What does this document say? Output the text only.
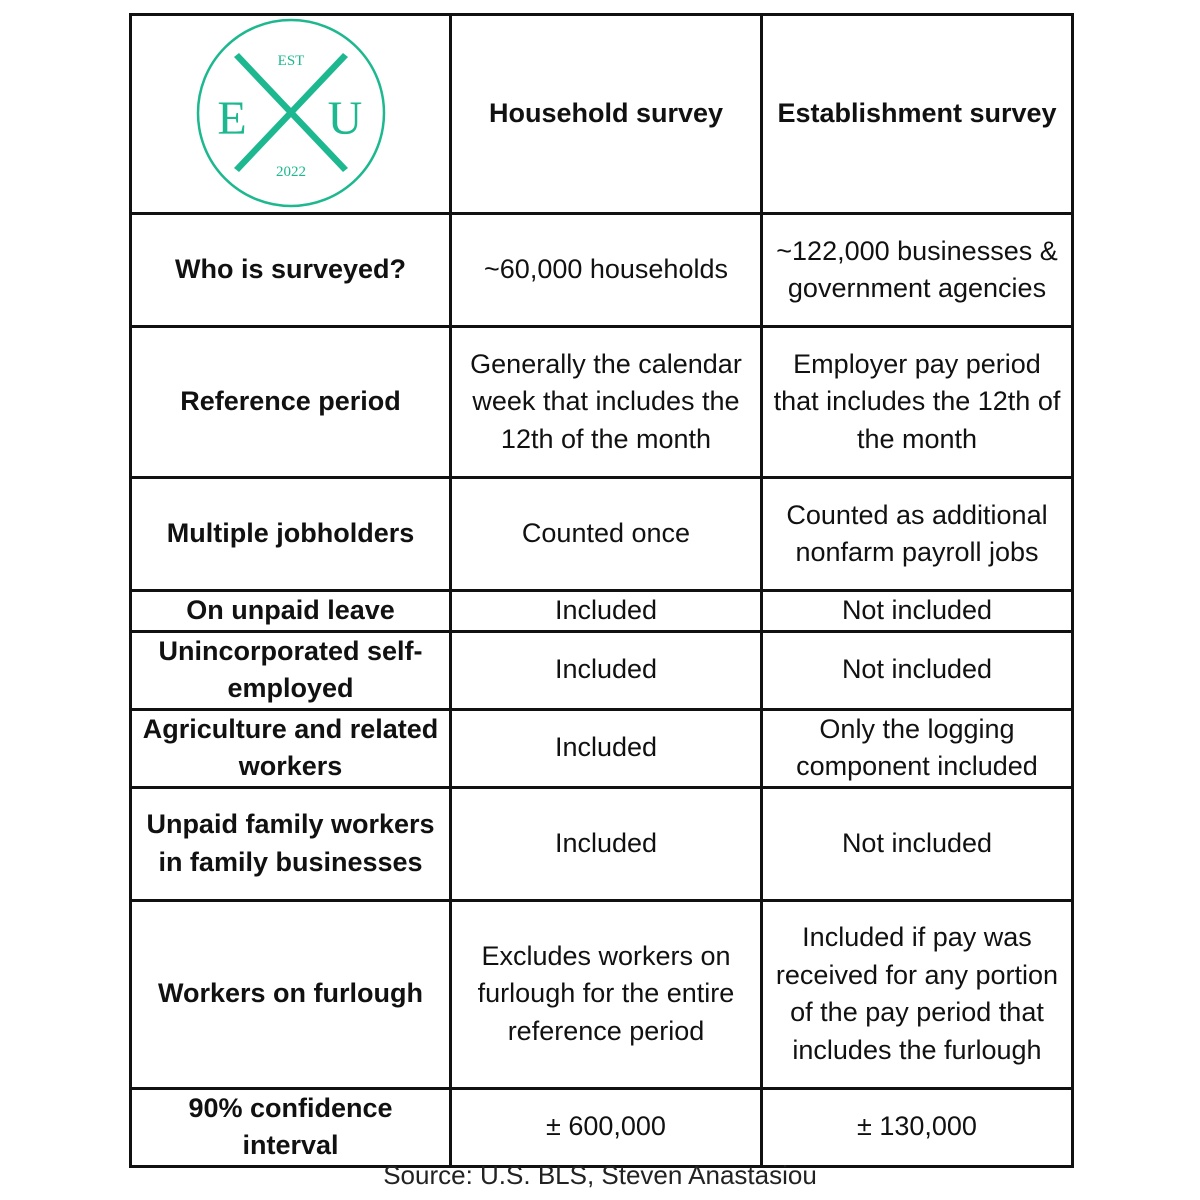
EST
E U
2022	Household survey	Establishment survey
Who is surveyed?	~60,000 households	~122,000 businesses & government agencies
Reference period	Generally the calendar week that includes the 12th of the month	Employer pay period that includes the 12th of the month
Multiple jobholders	Counted once	Counted as additional nonfarm payroll jobs
On unpaid leave	Included	Not included
Unincorporated self-employed	Included	Not included
Agriculture and related workers	Included	Only the logging component included
Unpaid family workers in family businesses	Included	Not included
Workers on furlough	Excludes workers on furlough for the entire reference period	Included if pay was received for any portion of the pay period that includes the furlough
90% confidence interval	± 600,000	± 130,000
Source: U.S. BLS, Steven Anastasiou
